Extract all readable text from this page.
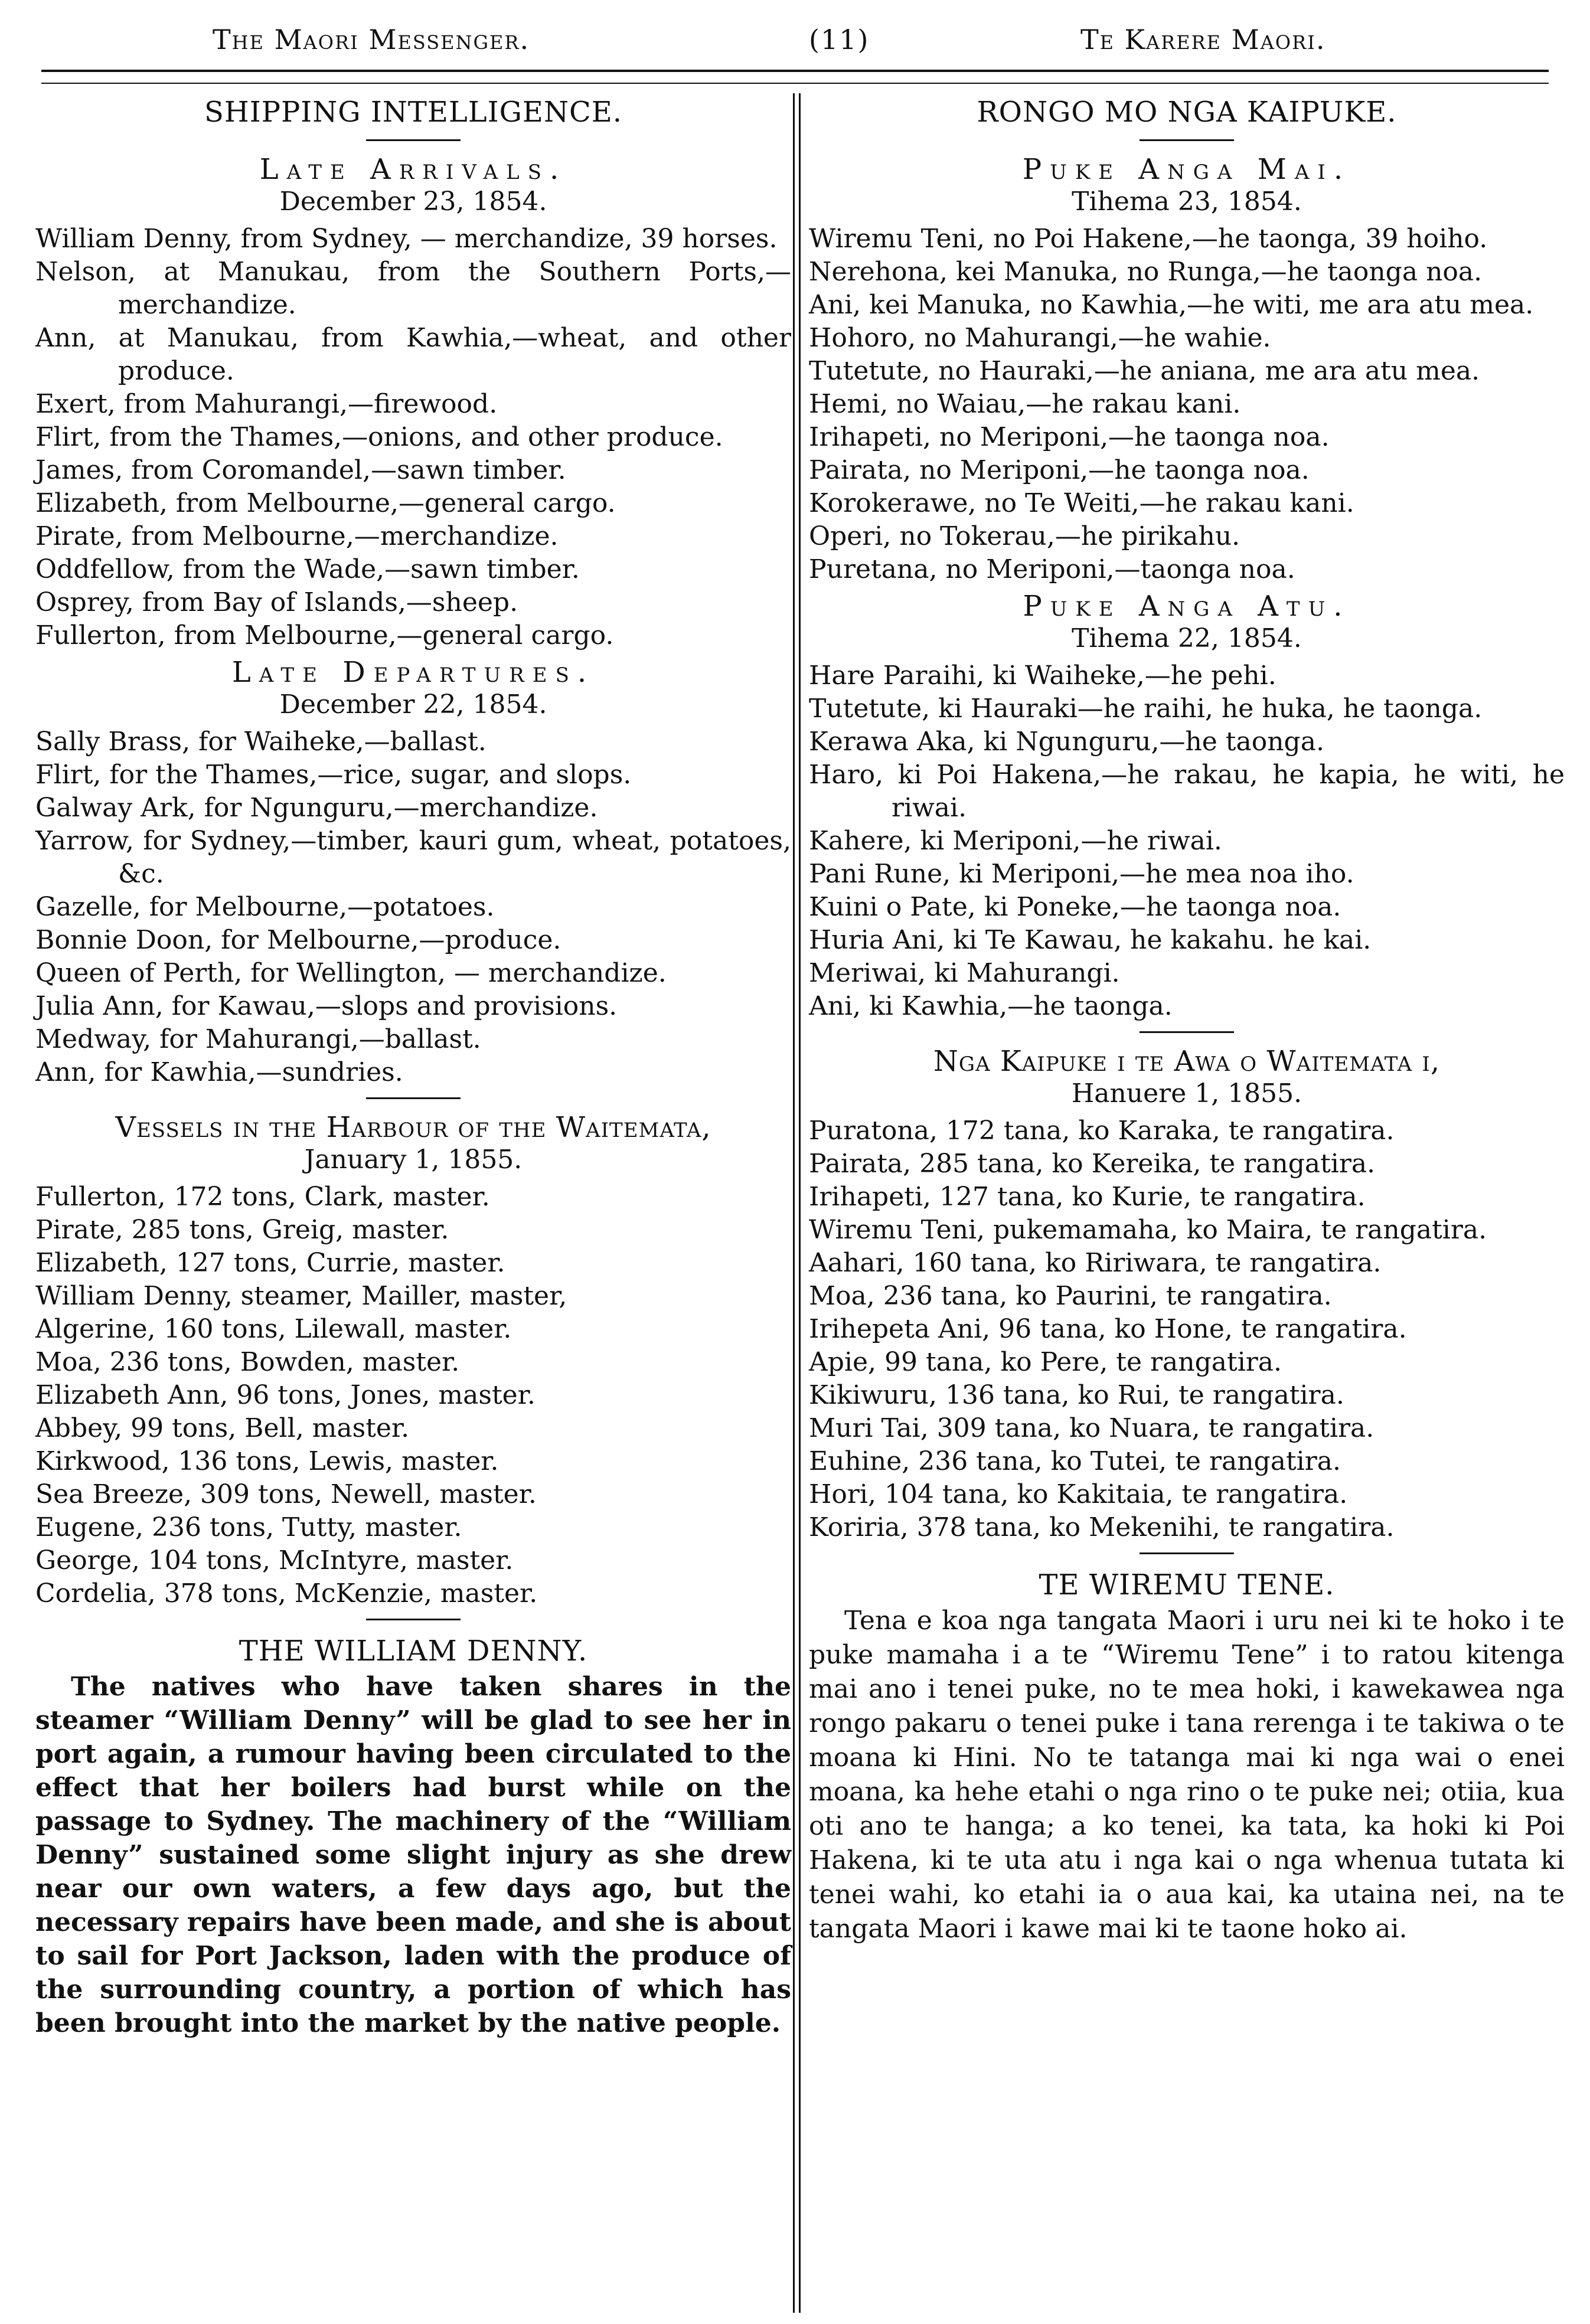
The Maori Messenger.	(11)	Te Karere Maori.
SHIPPING INTELLIGENCE.
Late Arrivals.
December 23, 1854.
William Denny, from Sydney, — merchandize, 39 horses.
Nelson, at Manukau, from the Southern Ports,—merchandize.
Ann, at Manukau, from Kawhia,—wheat, and other produce.
Exert, from Mahurangi,—firewood.
Flirt, from the Thames,—onions, and other produce.
James, from Coromandel,—sawn timber.
Elizabeth, from Melbourne,—general cargo.
Pirate, from Melbourne,—merchandize.
Oddfellow, from the Wade,—sawn timber.
Osprey, from Bay of Islands,—sheep.
Fullerton, from Melbourne,—general cargo.
Late Departures.
December 22, 1854.
Sally Brass, for Waiheke,—ballast.
Flirt, for the Thames,—rice, sugar, and slops.
Galway Ark, for Ngunguru,—merchandize.
Yarrow, for Sydney,—timber, kauri gum, wheat, potatoes, &c.
Gazelle, for Melbourne,—potatoes.
Bonnie Doon, for Melbourne,—produce.
Queen of Perth, for Wellington, — merchandize.
Julia Ann, for Kawau,—slops and provisions.
Medway, for Mahurangi,—ballast.
Ann, for Kawhia,—sundries.
Vessels in the Harbour of the Waitemata,
January 1, 1855.
Fullerton, 172 tons, Clark, master.
Pirate, 285 tons, Greig, master.
Elizabeth, 127 tons, Currie, master.
William Denny, steamer, Mailler, master,
Algerine, 160 tons, Lilewall, master.
Moa, 236 tons, Bowden, master.
Elizabeth Ann, 96 tons, Jones, master.
Abbey, 99 tons, Bell, master.
Kirkwood, 136 tons, Lewis, master.
Sea Breeze, 309 tons, Newell, master.
Eugene, 236 tons, Tutty, master.
George, 104 tons, McIntyre, master.
Cordelia, 378 tons, McKenzie, master.
THE WILLIAM DENNY.

The natives who have taken shares in the steamer “William Denny” will be glad to see her in port again, a rumour having been circulated to the effect that her boilers had burst while on the passage to Sydney. The machinery of the “William Denny” sustained some slight injury as she drew near our own waters, a few days ago, but the necessary repairs have been made, and she is about to sail for Port Jackson, laden with the produce of the surrounding country, a portion of which has been brought into the market by the native people.

RONGO MO NGA KAIPUKE.
Puke Anga Mai.
Tihema 23, 1854.
Wiremu Teni, no Poi Hakene,—he taonga, 39 hoiho.
Nerehona, kei Manuka, no Runga,—he taonga noa.
Ani, kei Manuka, no Kawhia,—he witi, me ara atu mea.
Hohoro, no Mahurangi,—he wahie.
Tutetute, no Hauraki,—he aniana, me ara atu mea.
Hemi, no Waiau,—he rakau kani.
Irihapeti, no Meriponi,—he taonga noa.
Pairata, no Meriponi,—he taonga noa.
Korokerawe, no Te Weiti,—he rakau kani.
Operi, no Tokerau,—he pirikahu.
Puretana, no Meriponi,—taonga noa.
Puke Anga Atu.
Tihema 22, 1854.
Hare Paraihi, ki Waiheke,—he pehi.
Tutetute, ki Hauraki—he raihi, he huka, he taonga.
Kerawa Aka, ki Ngunguru,—he taonga.
Haro, ki Poi Hakena,—he rakau, he kapia, he witi, he riwai.
Kahere, ki Meriponi,—he riwai.
Pani Rune, ki Meriponi,—he mea noa iho.
Kuini o Pate, ki Poneke,—he taonga noa.
Huria Ani, ki Te Kawau, he kakahu. he kai.
Meriwai, ki Mahurangi.
Ani, ki Kawhia,—he taonga.
Nga Kaipuke i te Awa o Waitemata i,
Hanuere 1, 1855.
Puratona, 172 tana, ko Karaka, te rangatira.
Pairata, 285 tana, ko Kereika, te rangatira.
Irihapeti, 127 tana, ko Kurie, te rangatira.
Wiremu Teni, pukemamaha, ko Maira, te rangatira.
Aahari, 160 tana, ko Ririwara, te rangatira.
Moa, 236 tana, ko Paurini, te rangatira.
Irihepeta Ani, 96 tana, ko Hone, te rangatira.
Apie, 99 tana, ko Pere, te rangatira.
Kikiwuru, 136 tana, ko Rui, te rangatira.
Muri Tai, 309 tana, ko Nuara, te rangatira.
Euhine, 236 tana, ko Tutei, te rangatira.
Hori, 104 tana, ko Kakitaia, te rangatira.
Koriria, 378 tana, ko Mekenihi, te rangatira.
TE WIREMU TENE.

Tena e koa nga tangata Maori i uru nei ki te hoko i te puke mamaha i a te “Wiremu Tene” i to ratou kitenga mai ano i tenei puke, no te mea hoki, i kawekawea nga rongo pakaru o tenei puke i tana rerenga i te takiwa o te moana ki Hini. No te tatanga mai ki nga wai o enei moana, ka hehe etahi o nga rino o te puke nei; otiia, kua oti ano te hanga; a ko tenei, ka tata, ka hoki ki Poi Hakena, ki te uta atu i nga kai o nga whenua tutata ki tenei wahi, ko etahi ia o aua kai, ka utaina nei, na te tangata Maori i kawe mai ki te taone hoko ai.
